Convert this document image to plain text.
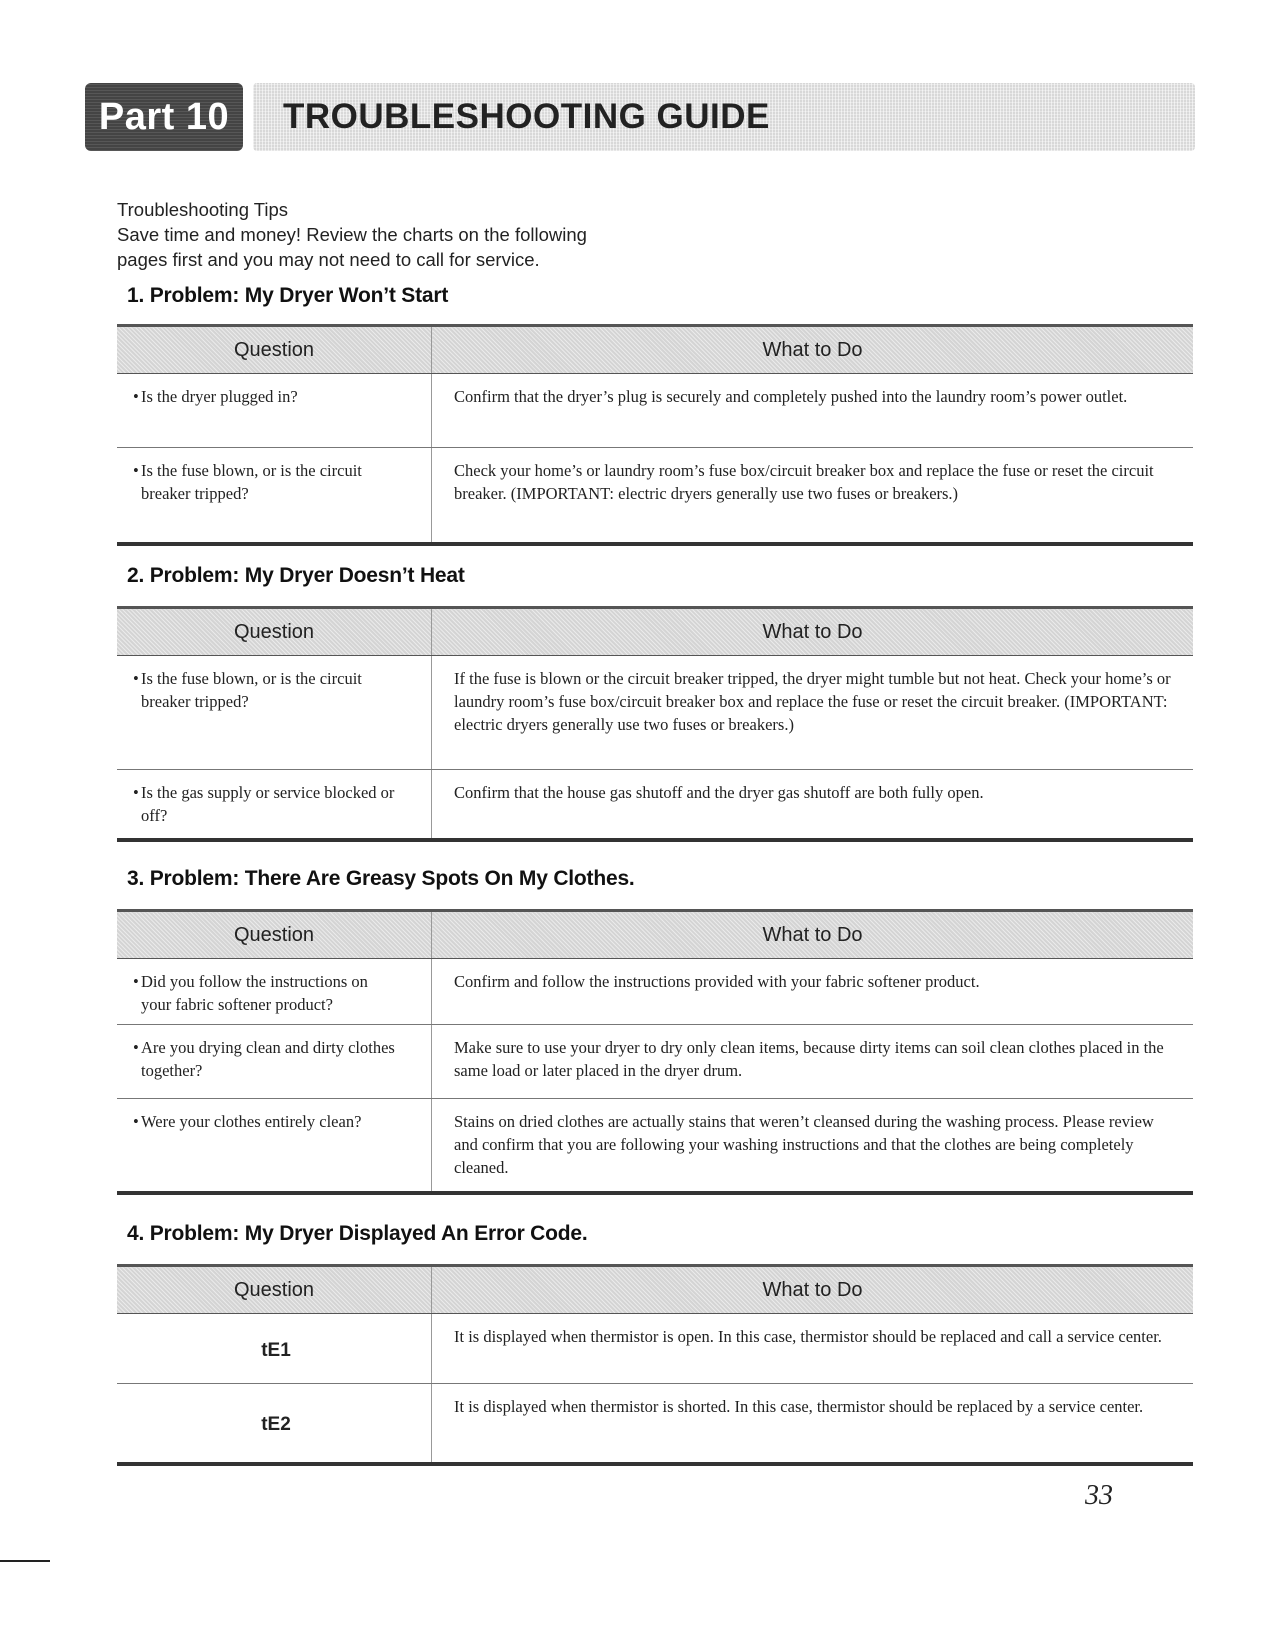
Part 10	TROUBLESHOOTING GUIDE
Troubleshooting Tips
Save time and money! Review the charts on the following
pages first and you may not need to call for service.
1. Problem: My Dryer Won’t Start
Question	What to Do
• Is the dryer plugged in?	Confirm that the dryer’s plug is securely and completely pushed into the laundry room’s power outlet.
• Is the fuse blown, or is the circuit breaker tripped?	Check your home’s or laundry room’s fuse box/circuit breaker box and replace the fuse or reset the circuit breaker. (IMPORTANT: electric dryers generally use two fuses or breakers.)
2. Problem: My Dryer Doesn’t Heat
Question	What to Do
• Is the fuse blown, or is the circuit breaker tripped?	If the fuse is blown or the circuit breaker tripped, the dryer might tumble but not heat. Check your home’s or laundry room’s fuse box/circuit breaker box and replace the fuse or reset the circuit breaker. (IMPORTANT: electric dryers generally use two fuses or breakers.)
• Is the gas supply or service blocked or off?	Confirm that the house gas shutoff and the dryer gas shutoff are both fully open.
3. Problem: There Are Greasy Spots On My Clothes.
Question	What to Do
• Did you follow the instructions on your fabric softener product?	Confirm and follow the instructions provided with your fabric softener product.
• Are you drying clean and dirty clothes together?	Make sure to use your dryer to dry only clean items, because dirty items can soil clean clothes placed in the same load or later placed in the dryer drum.
• Were your clothes entirely clean?	Stains on dried clothes are actually stains that weren’t cleansed during the washing process. Please review and confirm that you are following your washing instructions and that the clothes are being completely cleaned.
4. Problem: My Dryer Displayed An Error Code.
Question	What to Do
tE1	It is displayed when thermistor is open. In this case, thermistor should be replaced and call a service center.
tE2	It is displayed when thermistor is shorted. In this case, thermistor should be replaced by a service center.
33
